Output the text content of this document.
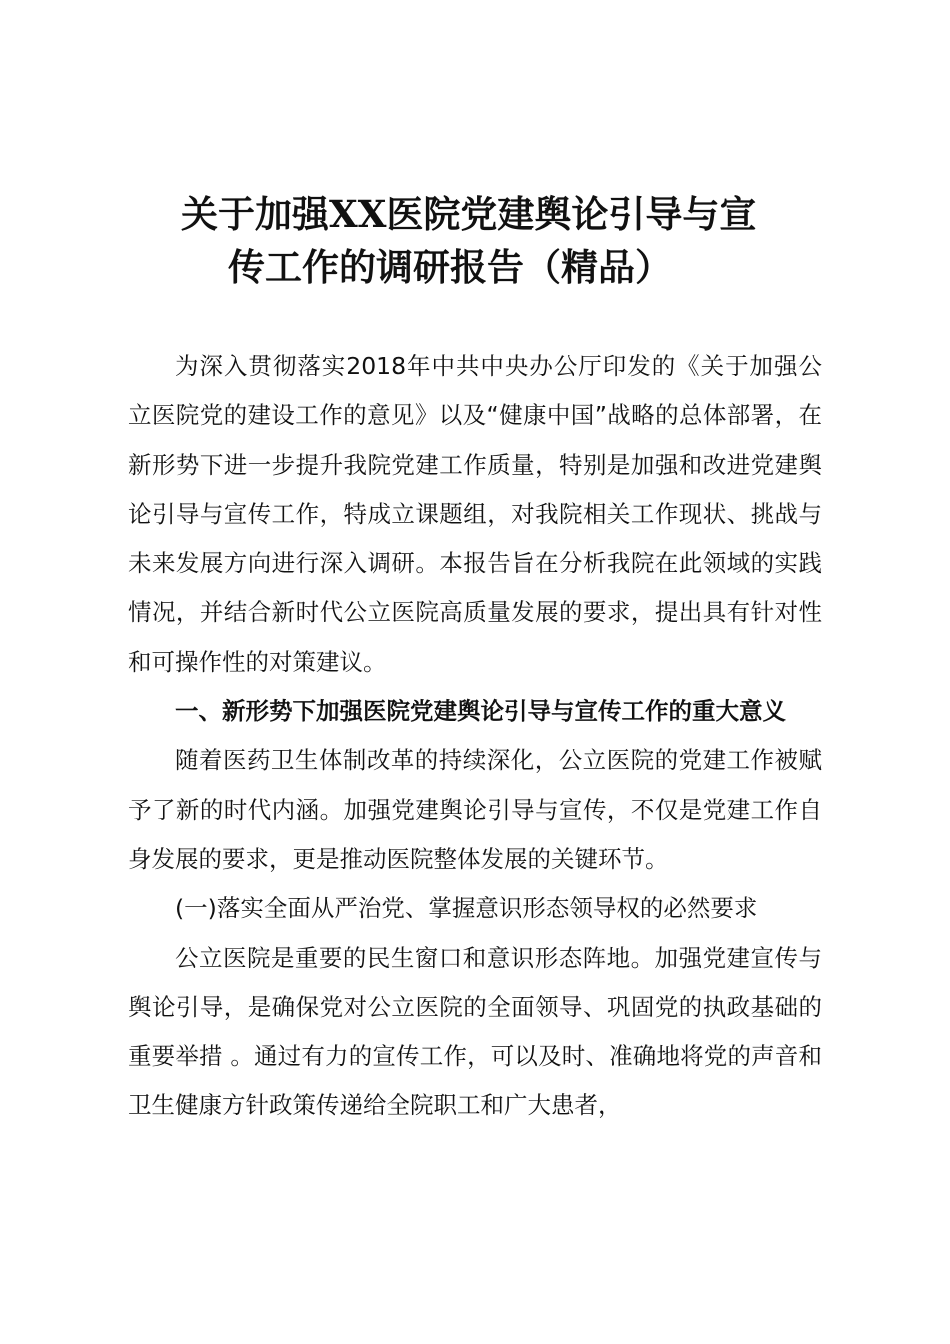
关于加强XX医院党建舆论引导与宣
传工作的调研报告（精品）

为深入贯彻落实2018年中共中央办公厅印发的《关于加强公立医院党的建设工作的意见》以及“健康中国”战略的总体部署，在新形势下进一步提升我院党建工作质量，特别是加强和改进党建舆论引导与宣传工作，特成立课题组，对我院相关工作现状、挑战与未来发展方向进行深入调研。本报告旨在分析我院在此领域的实践情况，并结合新时代公立医院高质量发展的要求，提出具有针对性和可操作性的对策建议。

一、新形势下加强医院党建舆论引导与宣传工作的重大意义

随着医药卫生体制改革的持续深化，公立医院的党建工作被赋予了新的时代内涵。加强党建舆论引导与宣传，不仅是党建工作自身发展的要求，更是推动医院整体发展的关键环节。

(一)落实全面从严治党、掌握意识形态领导权的必然要求

公立医院是重要的民生窗口和意识形态阵地。加强党建宣传与舆论引导，是确保党对公立医院的全面领导、巩固党的执政基础的重要举措 。通过有力的宣传工作，可以及时、准确地将党的声音和卫生健康方针政策传递给全院职工和广大患者，
